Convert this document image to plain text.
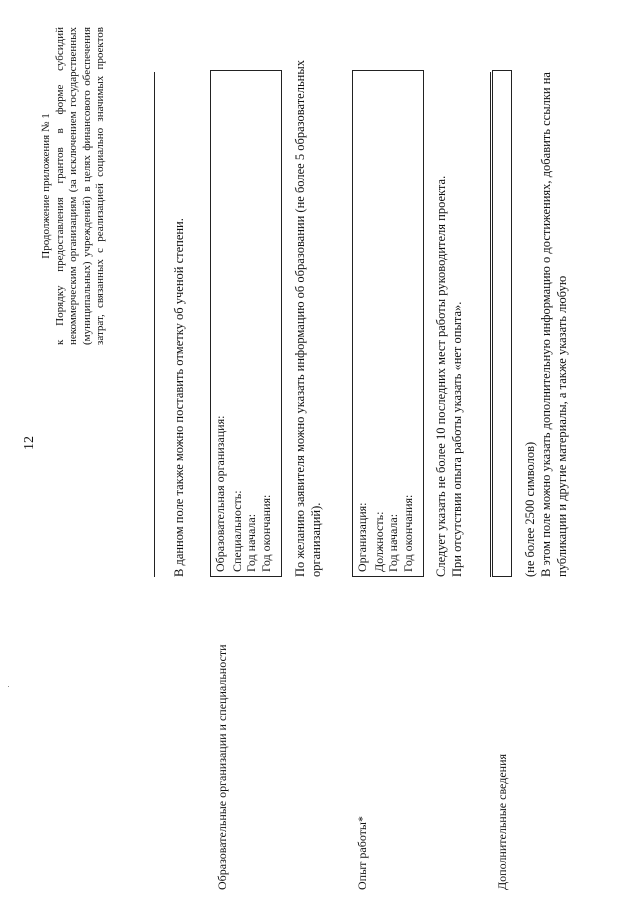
12
Продолжение приложения № 1 к Порядку предоставления грантов в форме субсидий некоммерческим организациям (за исключением государственных (муниципальных) учреждений) в целях финансового обеспечения затрат, связанных с реализацией социально значимых проектов
В данном поле также можно поставить отметку об ученой степени.
Образовательные организации и специальности
Образовательная организация: Специальность: Год начала: Год окончания: По желанию заявителя можно указать информацию об образовании (не более 5 образовательных организаций).
Опыт работы*
Организация: Должность: Год начала: Год окончания: Следует указать не более 10 последних мест работы руководителя проекта. При отсутствии опыта работы указать «нет опыта».
Дополнительные сведения
(не более 2500 символов) В этом поле можно указать дополнительную информацию о достижениях, добавить ссылки на публикации и другие материалы, а также указать любую
